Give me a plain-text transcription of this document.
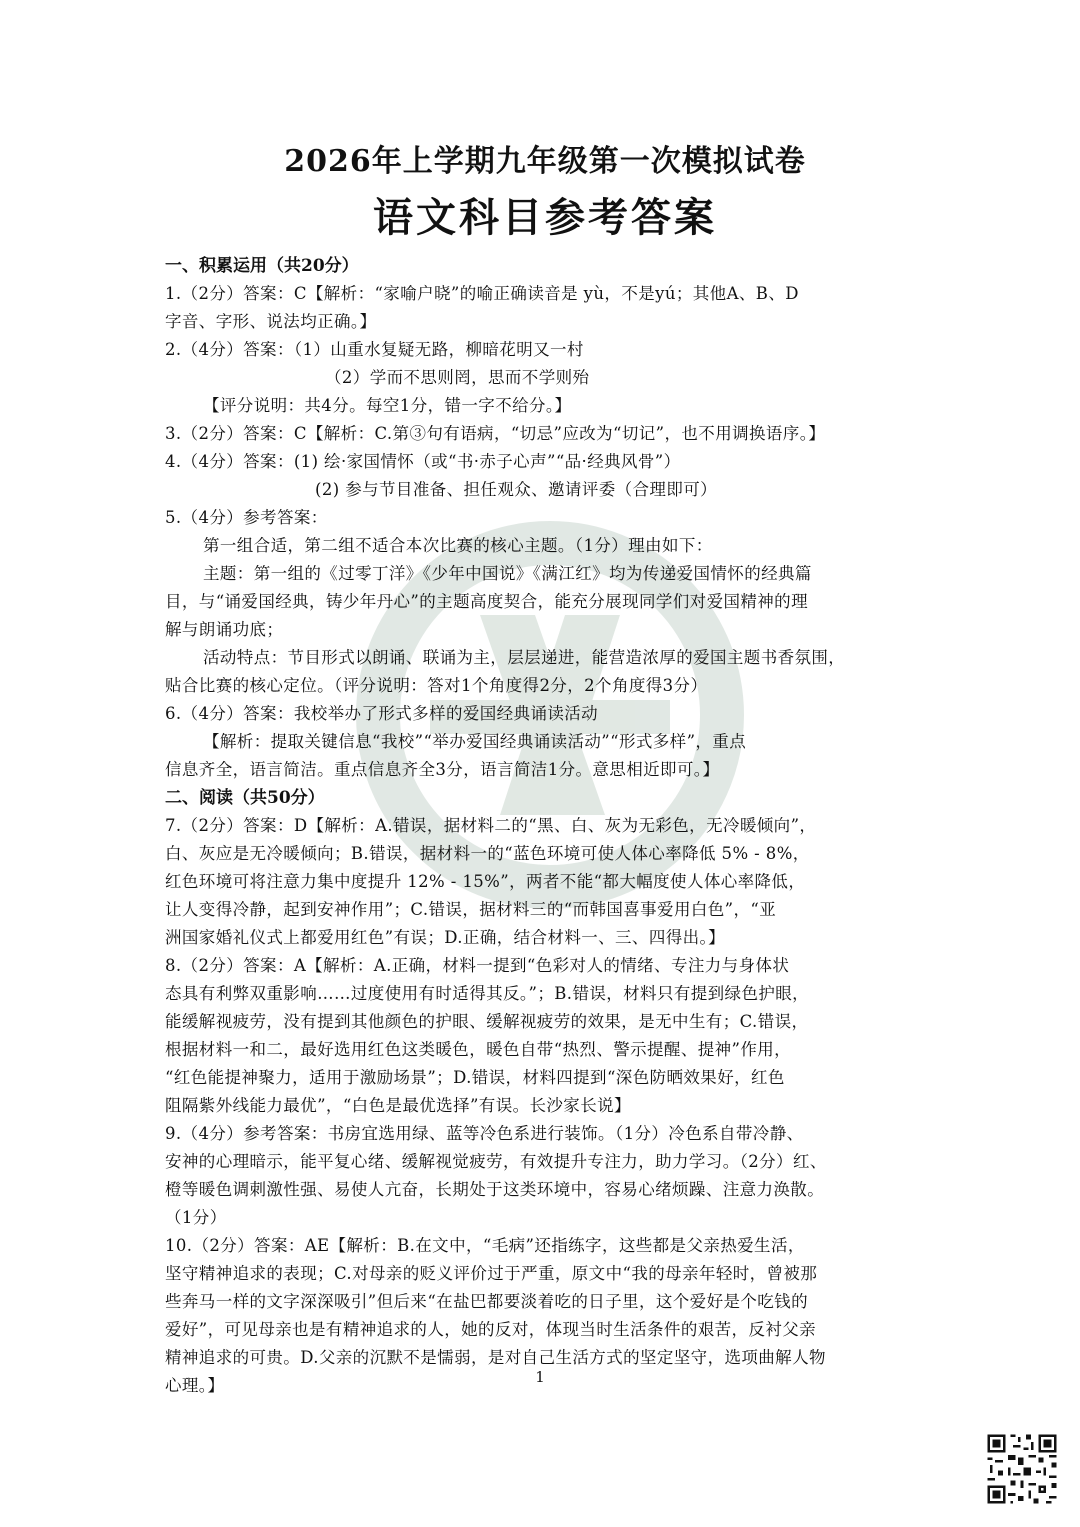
2026年上学期九年级第一次模拟试卷
语文科目参考答案

一、积累运用（共20分）

1.（2分）答案：C【解析：“家喻户晓”的喻正确读音是 yù，不是yú；其他A、B、D

字音、字形、说法均正确。】

2.（4分）答案：（1）山重水复疑无路，柳暗花明又一村

（2）学而不思则罔，思而不学则殆

【评分说明：共4分。每空1分，错一字不给分。】

3.（2分）答案：C【解析：C.第③句有语病，“切忌”应改为“切记”，也不用调换语序。】

4.（4分）答案：(1) 绘·家国情怀（或“书·赤子心声”“品·经典风骨”）

(2) 参与节目准备、担任观众、邀请评委（合理即可）

5.（4分）参考答案：

第一组合适，第二组不适合本次比赛的核心主题。（1分）理由如下：

主题：第一组的《过零丁洋》《少年中国说》《满江红》均为传递爱国情怀的经典篇

目，与“诵爱国经典，铸少年丹心”的主题高度契合，能充分展现同学们对爱国精神的理

解与朗诵功底；

活动特点：节目形式以朗诵、联诵为主，层层递进，能营造浓厚的爱国主题书香氛围，

贴合比赛的核心定位。（评分说明：答对1个角度得2分，2个角度得3分）

6.（4分）答案：我校举办了形式多样的爱国经典诵读活动

【解析：提取关键信息“我校”“举办爱国经典诵读活动”“形式多样”，重点

信息齐全，语言简洁。重点信息齐全3分，语言简洁1分。意思相近即可。】

二、阅读（共50分）

7.（2分）答案：D【解析：A.错误，据材料二的“黑、白、灰为无彩色，无冷暖倾向”，

白、灰应是无冷暖倾向；B.错误，据材料一的“蓝色环境可使人体心率降低 5% - 8%，

红色环境可将注意力集中度提升 12% - 15%”，两者不能“都大幅度使人体心率降低，

让人变得冷静，起到安神作用”；C.错误，据材料三的“而韩国喜事爱用白色”，“亚

洲国家婚礼仪式上都爱用红色”有误；D.正确，结合材料一、三、四得出。】

8.（2分）答案：A【解析：A.正确，材料一提到“色彩对人的情绪、专注力与身体状

态具有利弊双重影响……过度使用有时适得其反。”；B.错误，材料只有提到绿色护眼，

能缓解视疲劳，没有提到其他颜色的护眼、缓解视疲劳的效果，是无中生有；C.错误，

根据材料一和二，最好选用红色这类暖色，暖色自带“热烈、警示提醒、提神”作用，

“红色能提神聚力，适用于激励场景”；D.错误，材料四提到“深色防晒效果好，红色

阻隔紫外线能力最优”，“白色是最优选择”有误。长沙家长说】

9.（4分）参考答案：书房宜选用绿、蓝等冷色系进行装饰。（1分）冷色系自带冷静、

安神的心理暗示，能平复心绪、缓解视觉疲劳，有效提升专注力，助力学习。（2分）红、

橙等暖色调刺激性强、易使人亢奋，长期处于这类环境中，容易心绪烦躁、注意力涣散。

（1分）

10.（2分）答案：AE【解析：B.在文中，“毛病”还指练字，这些都是父亲热爱生活，

坚守精神追求的表现；C.对母亲的贬义评价过于严重，原文中“我的母亲年轻时，曾被那

些奔马一样的文字深深吸引”但后来“在盐巴都要淡着吃的日子里，这个爱好是个吃钱的

爱好”，可见母亲也是有精神追求的人，她的反对，体现当时生活条件的艰苦，反衬父亲

精神追求的可贵。D.父亲的沉默不是懦弱，是对自己生活方式的坚定坚守，选项曲解人物

心理。】	1
